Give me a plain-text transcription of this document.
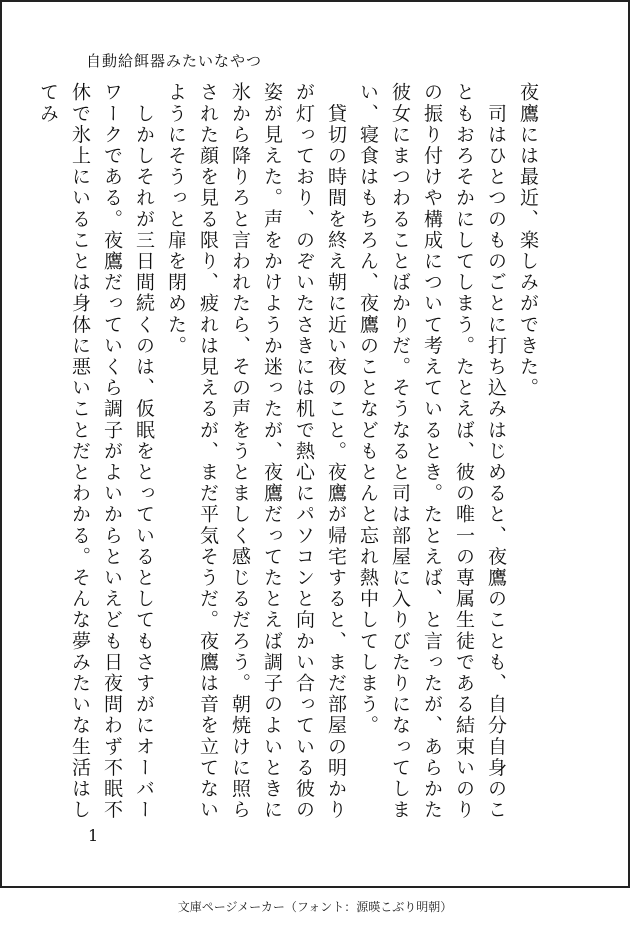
自動給餌器みたいなやつ

夜鷹には最近、楽しみができた。

　司はひとつのものごとに打ち込みはじめると、夜鷹のことも、自分自身のこともおろそかにしてしまう。たとえば、彼の唯一の専属生徒である結束いのりの振り付けや構成について考えているとき。たとえば、と言ったが、あらかた彼女にまつわることばかりだ。そうなると司は部屋に入りびたりになってしまい、寝食はもちろん、夜鷹のことなどもとんと忘れ熱中してしまう。

　貸切の時間を終え朝に近い夜のこと。夜鷹が帰宅すると、まだ部屋の明かりが灯っており、のぞいたさきには机で熱心にパソコンと向かい合っている彼の姿が見えた。声をかけようか迷ったが、夜鷹だってたとえば調子のよいときに氷から降りろと言われたら、その声をうとましく感じるだろう。朝焼けに照らされた顔を見る限り、疲れは見えるが、まだ平気そうだ。夜鷹は音を立てないようにそうっと扉を閉めた。

　しかしそれが三日間続くのは、仮眠をとっているとしてもさすがにオーバーワークである。夜鷹だっていくら調子がよいからといえども日夜問わず不眠不休で氷上にいることは身体に悪いことだとわかる。そんな夢みたいな生活はしてみ

1
文庫ページメーカー（フォント：源暎こぶり明朝）
